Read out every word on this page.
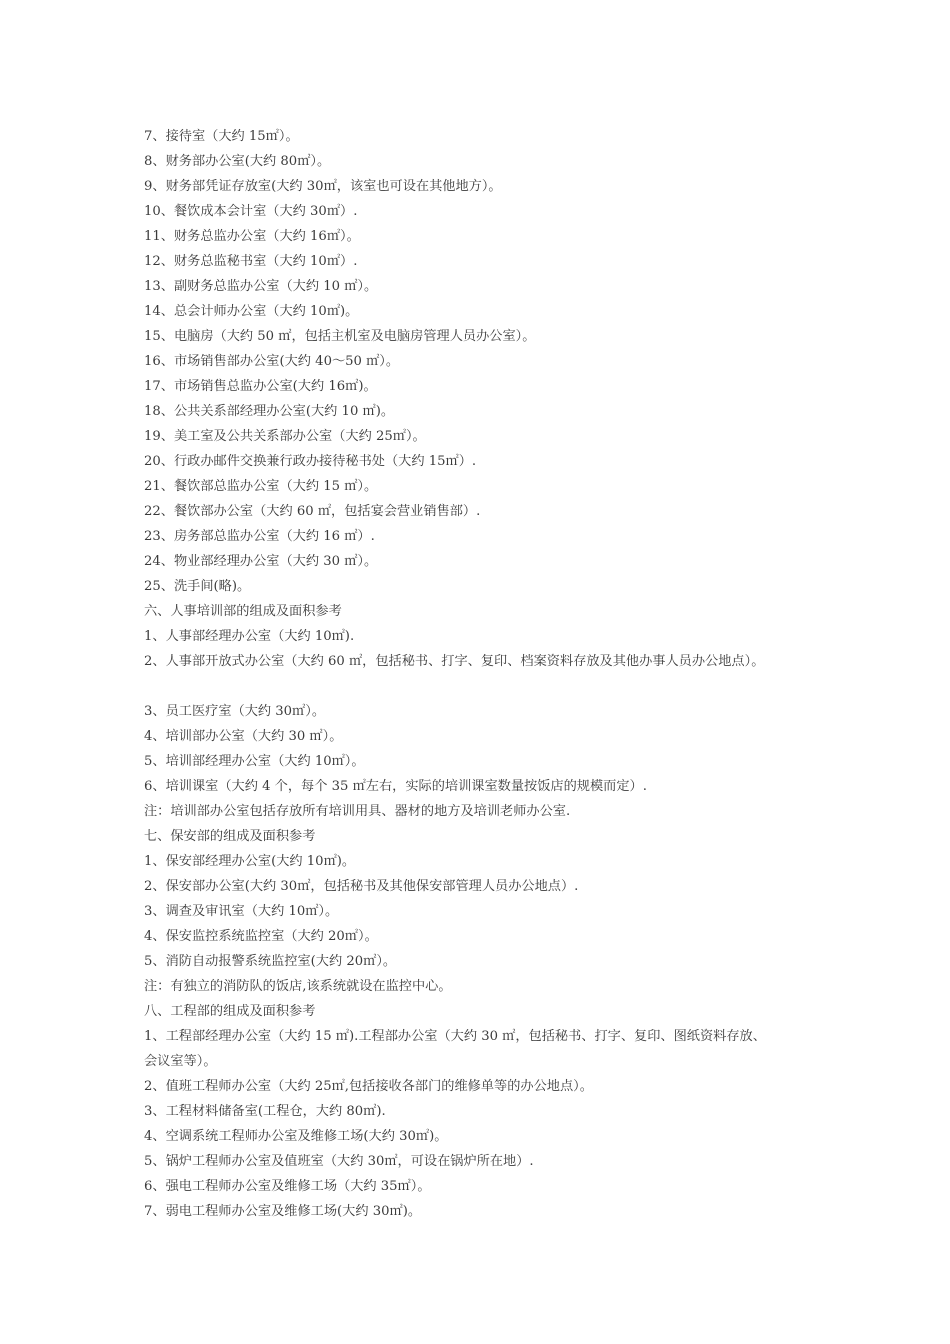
7、接待室（大约 15㎡）。
8、财务部办公室(大约 80㎡）。
9、财务部凭证存放室(大约 30㎡，该室也可设在其他地方）。
10、餐饮成本会计室（大约 30㎡）.
11、财务总监办公室（大约 16㎡）。
12、财务总监秘书室（大约 10㎡）.
13、副财务总监办公室（大约 10 ㎡）。
14、总会计师办公室（大约 10㎡)。
15、电脑房（大约 50 ㎡，包括主机室及电脑房管理人员办公室）。
16、市场销售部办公室(大约 40～50 ㎡）。
17、市场销售总监办公室(大约 16㎡)。
18、公共关系部经理办公室(大约 10 ㎡)。
19、美工室及公共关系部办公室（大约 25㎡）。
20、行政办邮件交换兼行政办接待秘书处（大约 15㎡）.
21、餐饮部总监办公室（大约 15 ㎡）。
22、餐饮部办公室（大约 60 ㎡，包括宴会营业销售部）.
23、房务部总监办公室（大约 16 ㎡）.
24、物业部经理办公室（大约 30 ㎡）。
25、洗手间(略)。
六、人事培训部的组成及面积参考
1、人事部经理办公室（大约 10㎡).
2、人事部开放式办公室（大约 60 ㎡，包括秘书、打字、复印、档案资料存放及其他办事人员办公地点）。
3、员工医疗室（大约 30㎡）。
4、培训部办公室（大约 30 ㎡）。
5、培训部经理办公室（大约 10㎡）。
6、培训课室（大约 4 个，每个 35 ㎡左右，实际的培训课室数量按饭店的规模而定）.
注：培训部办公室包括存放所有培训用具、器材的地方及培训老师办公室.
七、保安部的组成及面积参考
1、保安部经理办公室(大约 10㎡)。
2、保安部办公室(大约 30㎡，包括秘书及其他保安部管理人员办公地点）.
3、调查及审讯室（大约 10㎡）。
4、保安监控系统监控室（大约 20㎡）。
5、消防自动报警系统监控室(大约 20㎡）。
注：有独立的消防队的饭店,该系统就设在监控中心。
八、工程部的组成及面积参考
1、工程部经理办公室（大约 15 ㎡).工程部办公室（大约 30 ㎡，包括秘书、打字、复印、图纸资料存放、
会议室等）。
2、值班工程师办公室（大约 25㎡,包括接收各部门的维修单等的办公地点）。
3、工程材料储备室(工程仓，大约 80㎡).
4、空调系统工程师办公室及维修工场(大约 30㎡)。
5、锅炉工程师办公室及值班室（大约 30㎡，可设在锅炉所在地）.
6、强电工程师办公室及维修工场（大约 35㎡）。
7、弱电工程师办公室及维修工场(大约 30㎡)。
